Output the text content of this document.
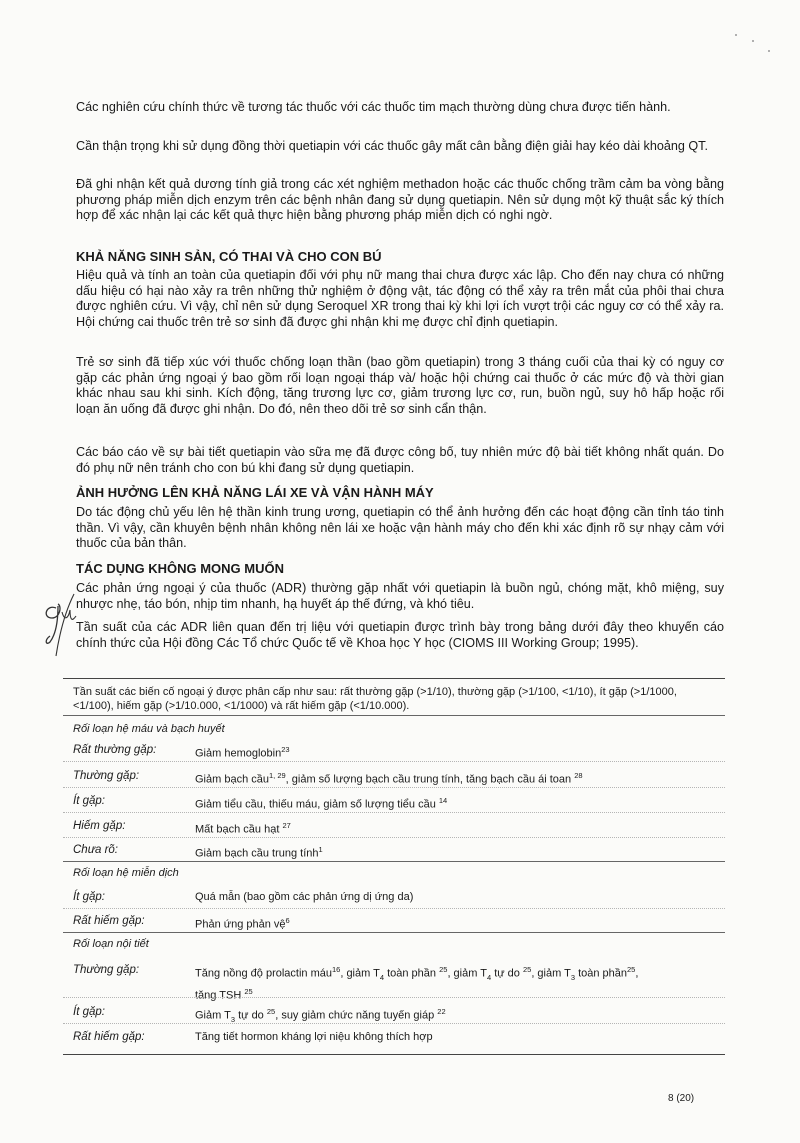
Các nghiên cứu chính thức về tương tác thuốc với các thuốc tim mạch thường dùng chưa được tiến hành.

Cần thận trọng khi sử dụng đồng thời quetiapin với các thuốc gây mất cân bằng điện giải hay kéo dài khoảng QT.

Đã ghi nhận kết quả dương tính giả trong các xét nghiệm methadon hoặc các thuốc chống trầm cảm ba vòng bằng phương pháp miễn dịch enzym trên các bệnh nhân đang sử dụng quetiapin. Nên sử dụng một kỹ thuật sắc ký thích hợp để xác nhận lại các kết quả thực hiện bằng phương pháp miễn dịch có nghi ngờ.

KHẢ NĂNG SINH SẢN, CÓ THAI VÀ CHO CON BÚ

Hiệu quả và tính an toàn của quetiapin đối với phụ nữ mang thai chưa được xác lập. Cho đến nay chưa có những dấu hiệu có hại nào xảy ra trên những thử nghiệm ở động vật, tác động có thể xảy ra trên mắt của phôi thai chưa được nghiên cứu. Vì vậy, chỉ nên sử dụng Seroquel XR trong thai kỳ khi lợi ích vượt trội các nguy cơ có thể xảy ra. Hội chứng cai thuốc trên trẻ sơ sinh đã được ghi nhận khi mẹ được chỉ định quetiapin.

Trẻ sơ sinh đã tiếp xúc với thuốc chống loạn thần (bao gồm quetiapin) trong 3 tháng cuối của thai kỳ có nguy cơ gặp các phản ứng ngoại ý bao gồm rối loạn ngoại tháp và/ hoặc hội chứng cai thuốc ở các mức độ và thời gian khác nhau sau khi sinh. Kích động, tăng trương lực cơ, giảm trương lực cơ, run, buồn ngủ, suy hô hấp hoặc rối loạn ăn uống đã được ghi nhận. Do đó, nên theo dõi trẻ sơ sinh cẩn thận.

Các báo cáo về sự bài tiết quetiapin vào sữa mẹ đã được công bố, tuy nhiên mức độ bài tiết không nhất quán. Do đó phụ nữ nên tránh cho con bú khi đang sử dụng quetiapin.

ẢNH HƯỞNG LÊN KHẢ NĂNG LÁI XE VÀ VẬN HÀNH MÁY

Do tác động chủ yếu lên hệ thần kinh trung ương, quetiapin có thể ảnh hưởng đến các hoạt động cần tỉnh táo tinh thần. Vì vậy, cần khuyên bệnh nhân không nên lái xe hoặc vận hành máy cho đến khi xác định rõ sự nhạy cảm với thuốc của bản thân.

TÁC DỤNG KHÔNG MONG MUỐN

Các phản ứng ngoại ý của thuốc (ADR) thường gặp nhất với quetiapin là buồn ngủ, chóng mặt, khô miệng, suy nhược nhẹ, táo bón, nhịp tim nhanh, hạ huyết áp thế đứng, và khó tiêu.

Tần suất của các ADR liên quan đến trị liệu với quetiapin được trình bày trong bảng dưới đây theo khuyến cáo chính thức của Hội đồng Các Tổ chức Quốc tế về Khoa học Y học (CIOMS III Working Group; 1995).

Tần suất các biến cố ngoại ý được phân cấp như sau: rất thường gặp (>1/10), thường gặp (>1/100, <1/10), ít gặp (>1/1000, <1/100), hiếm gặp (>1/10.000, <1/1000) và rất hiếm gặp (<1/10.000).
Rối loạn hệ máu và bạch huyết
Rất thường gặp:	Giảm hemoglobin$^{23}$
Thường gặp:	Giảm bạch cầu$^{1, 29}$, giảm số lượng bạch cầu trung tính, tăng bạch cầu ái toan $^{28}$
Ít gặp:	Giảm tiểu cầu, thiếu máu, giảm số lượng tiểu cầu $^{14}$
Hiếm gặp:	Mất bạch cầu hạt $^{27}$
Chưa rõ:	Giảm bạch cầu trung tính$^1$
Rối loạn hệ miễn dịch
Ít gặp:	Quá mẫn (bao gồm các phản ứng dị ứng da)
Rất hiếm gặp:	Phản ứng phản vệ$^6$
Rối loạn nội tiết
Thường gặp:	Tăng nồng độ prolactin máu$^{16}$, giảm $T_4$ toàn phần $^{25}$, giảm $T_4$ tự do $^{25}$, giảm $T_3$ toàn phần$^{25}$,
tăng TSH $^{25}$
Ít gặp:	Giảm $T_3$ tự do $^{25}$, suy giảm chức năng tuyến giáp $^{22}$
Rất hiếm gặp:	Tăng tiết hormon kháng lợi niệu không thích hợp
8 (20)
